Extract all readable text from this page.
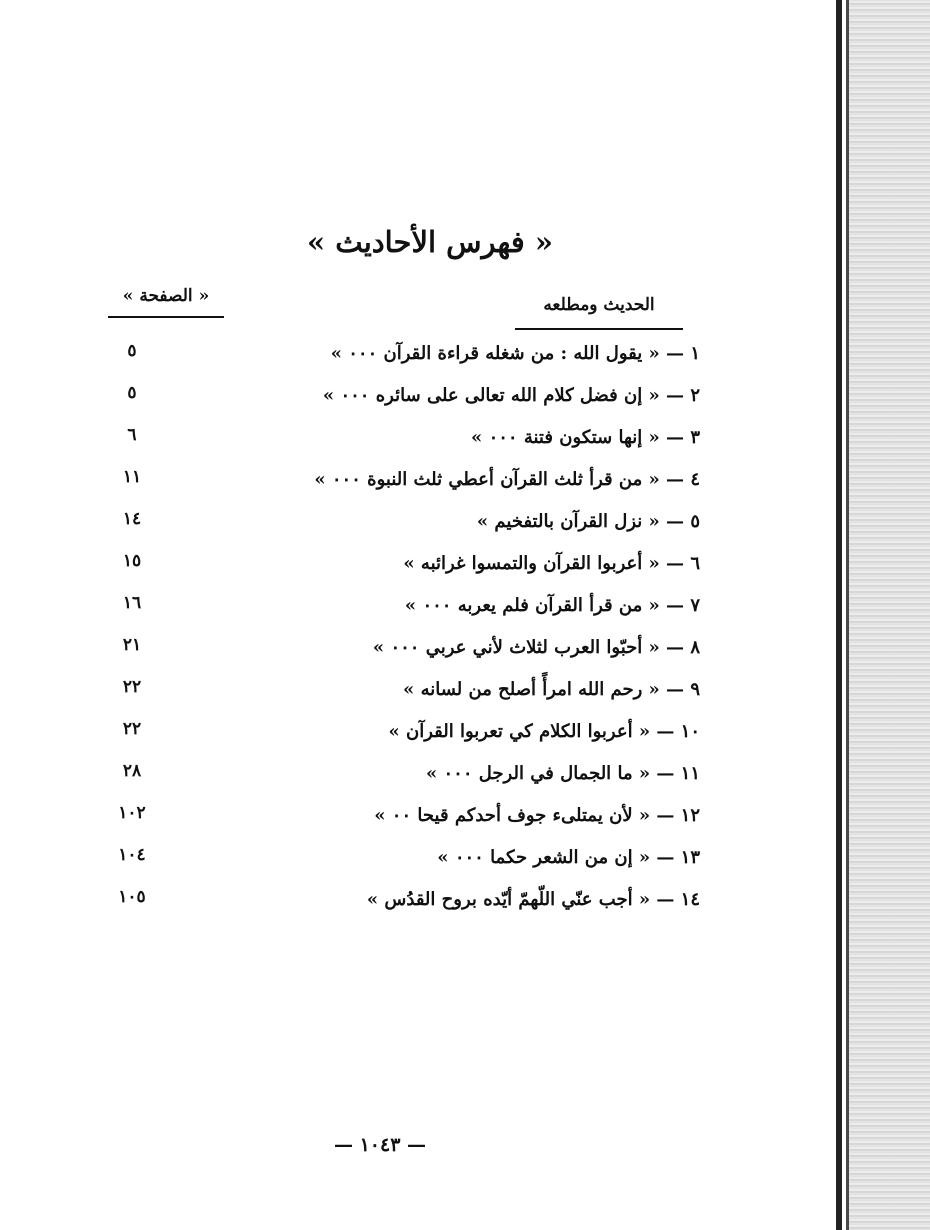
« فهرس الأحاديث »
« الصفحة »	الحديث ومطلعه
١ — « يقول الله : من شغله قراءة القرآن ٠٠٠ »
٥
٢ — « إن فضل كلام الله تعالى على سائره ٠٠٠ »
٥
٣ — « إنها ستكون فتنة ٠٠٠ »
٦
٤ — « من قرأ ثلث القرآن أعطي ثلث النبوة ٠٠٠ »
١١
٥ — « نزل القرآن بالتفخيم »
١٤
٦ — « أعربوا القرآن والتمسوا غرائبه »
١٥
٧ — « من قرأ القرآن فلم يعربه ٠٠٠ »
١٦
٨ — « أحبّوا العرب لثلاث لأني عربي ٠٠٠ »
٢١
٩ — « رحم الله امرأً أصلح من لسانه »
٢٢
١٠ — « أعربوا الكلام كي تعربوا القرآن »
٢٢
١١ — « ما الجمال في الرجل ٠٠٠ »
٢٨
١٢ — « لأن يمتلىء جوف أحدكم قيحا ٠٠ »
١٠٢
١٣ — « إن من الشعر حكما ٠٠٠ »
١٠٤
١٤ — « أجب عنّي اللّهمّ أيّده بروح القدُس »
١٠٥
— ١٠٤٣ —
